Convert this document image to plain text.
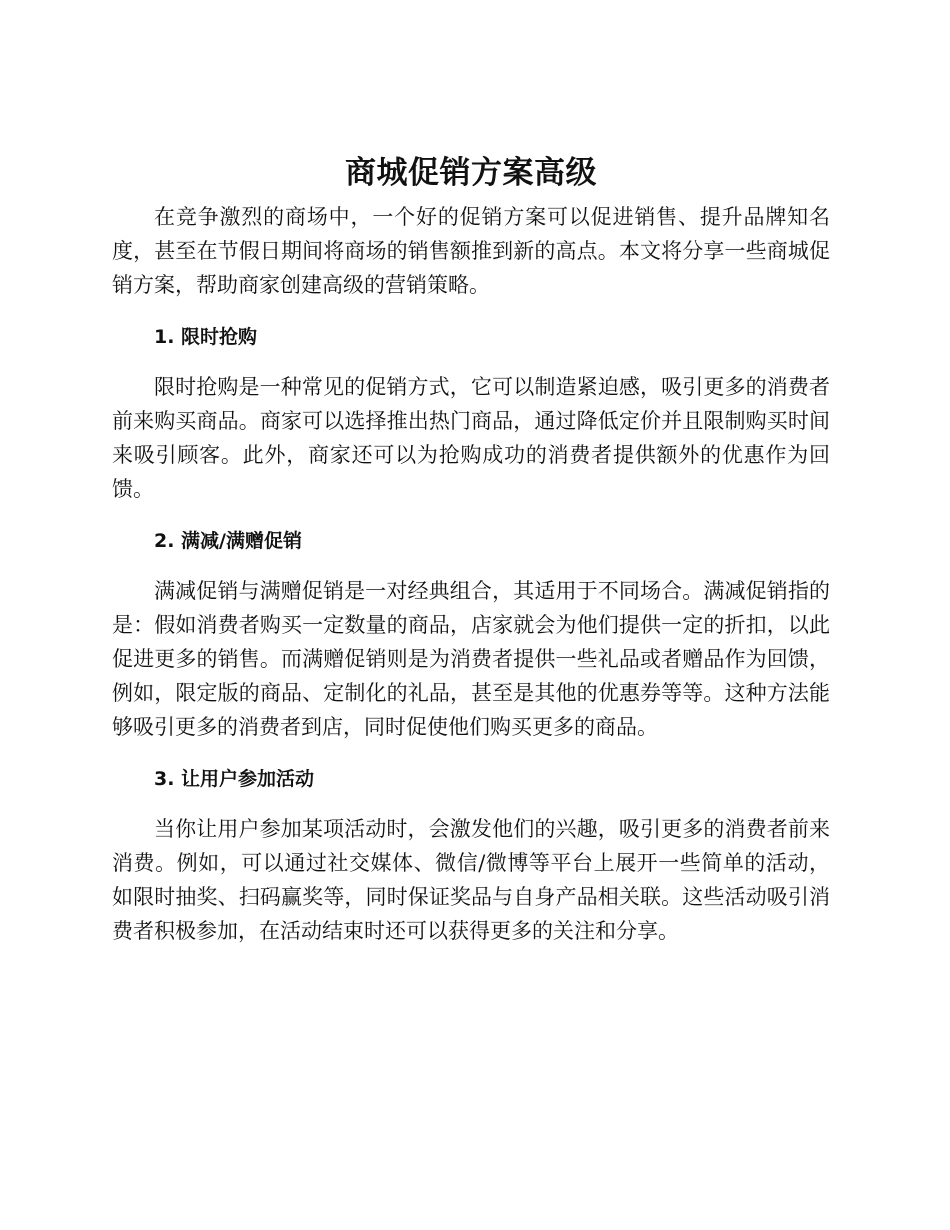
商城促销方案高级

在竞争激烈的商场中，一个好的促销方案可以促进销售、提升品牌知名度，甚至在节假日期间将商场的销售额推到新的高点。本文将分享一些商城促销方案，帮助商家创建高级的营销策略。

1. 限时抢购

限时抢购是一种常见的促销方式，它可以制造紧迫感，吸引更多的消费者前来购买商品。商家可以选择推出热门商品，通过降低定价并且限制购买时间来吸引顾客。此外，商家还可以为抢购成功的消费者提供额外的优惠作为回馈。

2. 满减/满赠促销

满减促销与满赠促销是一对经典组合，其适用于不同场合。满减促销指的是：假如消费者购买一定数量的商品，店家就会为他们提供一定的折扣，以此促进更多的销售。而满赠促销则是为消费者提供一些礼品或者赠品作为回馈，例如，限定版的商品、定制化的礼品，甚至是其他的优惠券等等。这种方法能够吸引更多的消费者到店，同时促使他们购买更多的商品。

3. 让用户参加活动

当你让用户参加某项活动时，会激发他们的兴趣，吸引更多的消费者前来消费。例如，可以通过社交媒体、微信/微博等平台上展开一些简单的活动，如限时抽奖、扫码赢奖等，同时保证奖品与自身产品相关联。这些活动吸引消费者积极参加，在活动结束时还可以获得更多的关注和分享。
